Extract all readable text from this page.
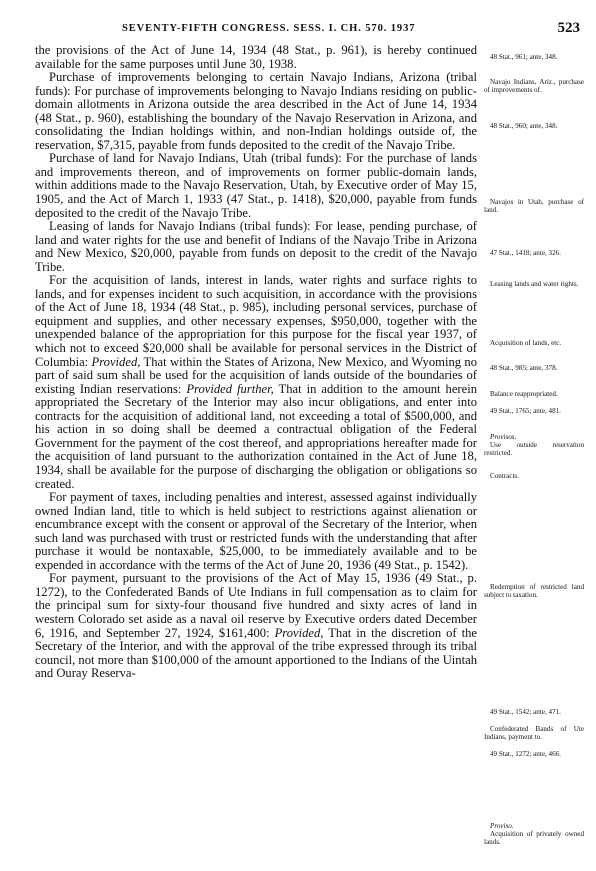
SEVENTY-FIFTH CONGRESS. SESS. I. CH. 570. 1937	523

the provisions of the Act of June 14, 1934 (48 Stat., p. 961), is hereby continued available for the same purposes until June 30, 1938.

Purchase of improvements belonging to certain Navajo Indians, Arizona (tribal funds): For purchase of improvements belonging to Navajo Indians residing on public-domain allotments in Arizona outside the area described in the Act of June 14, 1934 (48 Stat., p. 960), establishing the boundary of the Navajo Reservation in Arizona, and consolidating the Indian holdings within, and non-Indian holdings outside of, the reservation, $7,315, payable from funds deposited to the credit of the Navajo Tribe.

Purchase of land for Navajo Indians, Utah (tribal funds): For the purchase of lands and improvements thereon, and of improvements on former public-domain lands, within additions made to the Navajo Reservation, Utah, by Executive order of May 15, 1905, and the Act of March 1, 1933 (47 Stat., p. 1418), $20,000, payable from funds deposited to the credit of the Navajo Tribe.

Leasing of lands for Navajo Indians (tribal funds): For lease, pending purchase, of land and water rights for the use and benefit of Indians of the Navajo Tribe in Arizona and New Mexico, $20,000, payable from funds on deposit to the credit of the Navajo Tribe.

For the acquisition of lands, interest in lands, water rights and surface rights to lands, and for expenses incident to such acquisition, in accordance with the provisions of the Act of June 18, 1934 (48 Stat., p. 985), including personal services, purchase of equipment and supplies, and other necessary expenses, $950,000, together with the unexpended balance of the appropriation for this purpose for the fiscal year 1937, of which not to exceed $20,000 shall be available for personal services in the District of Columbia: Provided, That within the States of Arizona, New Mexico, and Wyoming no part of said sum shall be used for the acquisition of lands outside of the boundaries of existing Indian reservations: Provided further, That in addition to the amount herein appropriated the Secretary of the Interior may also incur obligations, and enter into contracts for the acquisition of additional land, not exceeding a total of $500,000, and his action in so doing shall be deemed a contractual obligation of the Federal Government for the payment of the cost thereof, and appropriations hereafter made for the acquisition of land pursuant to the authorization contained in the Act of June 18, 1934, shall be available for the purpose of discharging the obligation or obligations so created.

For payment of taxes, including penalties and interest, assessed against individually owned Indian land, title to which is held subject to restrictions against alienation or encumbrance except with the consent or approval of the Secretary of the Interior, when such land was purchased with trust or restricted funds with the understanding that after purchase it would be nontaxable, $25,000, to be immediately available and to be expended in accordance with the terms of the Act of June 20, 1936 (49 Stat., p. 1542).

For payment, pursuant to the provisions of the Act of May 15, 1936 (49 Stat., p. 1272), to the Confederated Bands of Ute Indians in full compensation as to claim for the principal sum for sixty-four thousand five hundred and sixty acres of land in western Colorado set aside as a naval oil reserve by Executive orders dated December 6, 1916, and September 27, 1924, $161,400: Provided, That in the discretion of the Secretary of the Interior, and with the approval of the tribe expressed through its tribal council, not more than $100,000 of the amount apportioned to the Indians of the Uintah and Ouray Reserva-

48 Stat., 961; ante, 348.
Navajo Indians, Ariz., purchase of improvements of.
48 Stat., 960; ante, 348.
Navajos in Utah, purchase of land.
47 Stat., 1418; ante, 326.
Leasing lands and water rights.
Acquisition of lands, etc.
48 Stat., 985; ante, 378.
Balance reappropriated.
49 Stat., 1765; ante, 481.
Provisos.
Use outside reservation restricted.
Contracts.
Redemption of restricted land subject to taxation.
49 Stat., 1542; ante, 471.
Confederated Bands of Ute Indians, payment to.
49 Stat., 1272; ante, 466.
Proviso.
Acquisition of privately owned lands.
